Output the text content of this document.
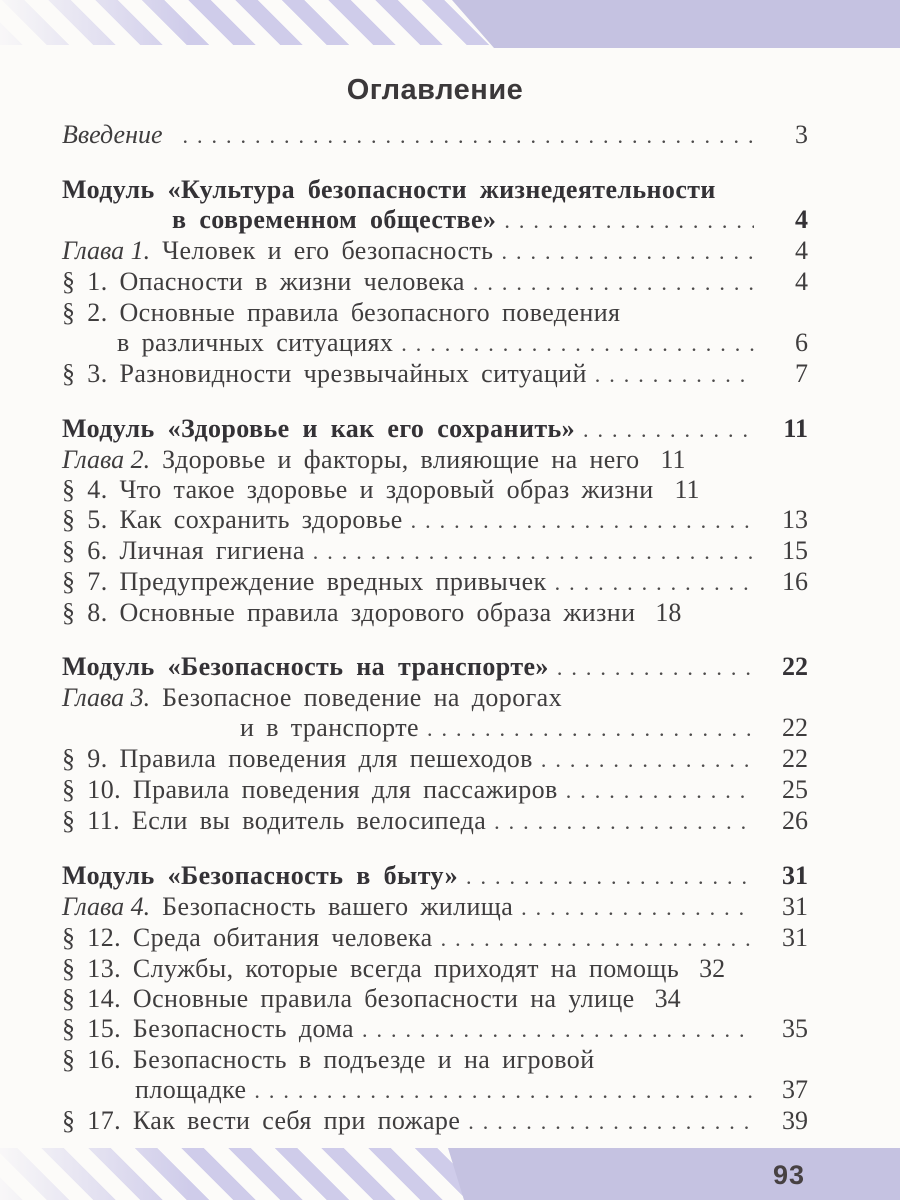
Оглавление
Введение .....	3
Модуль «Культура безопасности жизнедеятельности
в современном обществе» .....	4
Глава 1. Человек и его безопасность .....	4
§ 1. Опасности в жизни человека .....	4
§ 2. Основные правила безопасного поведения
в различных ситуациях .....	6
§ 3. Разновидности чрезвычайных ситуаций .....	7
Модуль «Здоровье и как его сохранить» .....	11
Глава 2. Здоровье и факторы, влияющие на него 11
§ 4. Что такое здоровье и здоровый образ жизни 11
§ 5. Как сохранить здоровье .....	13
§ 6. Личная гигиена .....	15
§ 7. Предупреждение вредных привычек .....	16
§ 8. Основные правила здорового образа жизни 18
Модуль «Безопасность на транспорте» .....	22
Глава 3. Безопасное поведение на дорогах
и в транспорте .....	22
§ 9. Правила поведения для пешеходов .....	22
§ 10. Правила поведения для пассажиров .....	25
§ 11. Если вы водитель велосипеда .....	26
Модуль «Безопасность в быту» .....	31
Глава 4. Безопасность вашего жилища .....	31
§ 12. Среда обитания человека .....	31
§ 13. Службы, которые всегда приходят на помощь 32
§ 14. Основные правила безопасности на улице 34
§ 15. Безопасность дома .....	35
§ 16. Безопасность в подъезде и на игровой
площадке .....	37
§ 17. Как вести себя при пожаре .....	39
93
